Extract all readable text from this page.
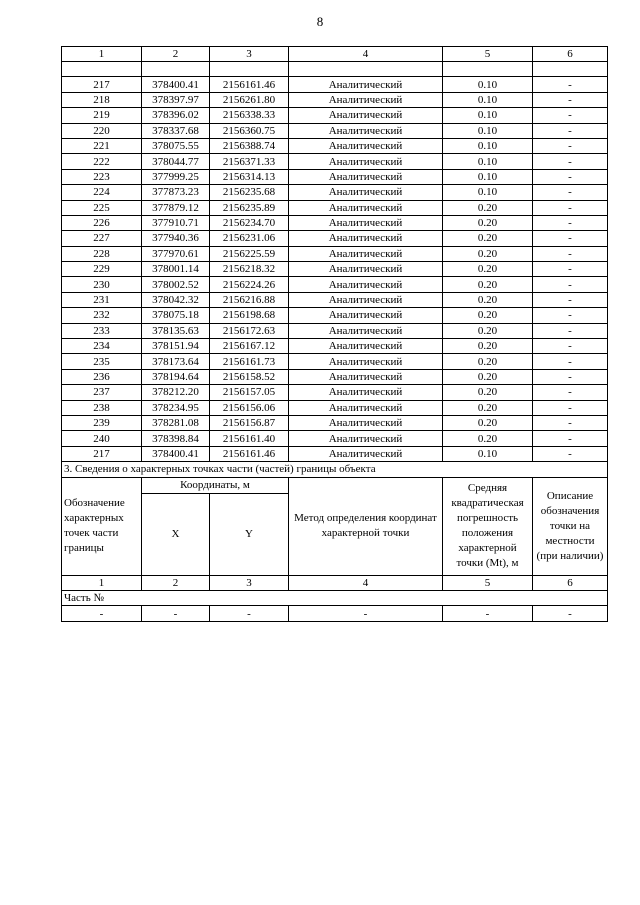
8
1	2	3	4	5	6

217	378400.41	2156161.46	Аналитический	0.10	-
218	378397.97	2156261.80	Аналитический	0.10	-
219	378396.02	2156338.33	Аналитический	0.10	-
220	378337.68	2156360.75	Аналитический	0.10	-
221	378075.55	2156388.74	Аналитический	0.10	-
222	378044.77	2156371.33	Аналитический	0.10	-
223	377999.25	2156314.13	Аналитический	0.10	-
224	377873.23	2156235.68	Аналитический	0.10	-
225	377879.12	2156235.89	Аналитический	0.20	-
226	377910.71	2156234.70	Аналитический	0.20	-
227	377940.36	2156231.06	Аналитический	0.20	-
228	377970.61	2156225.59	Аналитический	0.20	-
229	378001.14	2156218.32	Аналитический	0.20	-
230	378002.52	2156224.26	Аналитический	0.20	-
231	378042.32	2156216.88	Аналитический	0.20	-
232	378075.18	2156198.68	Аналитический	0.20	-
233	378135.63	2156172.63	Аналитический	0.20	-
234	378151.94	2156167.12	Аналитический	0.20	-
235	378173.64	2156161.73	Аналитический	0.20	-
236	378194.64	2156158.52	Аналитический	0.20	-
237	378212.20	2156157.05	Аналитический	0.20	-
238	378234.95	2156156.06	Аналитический	0.20	-
239	378281.08	2156156.87	Аналитический	0.20	-
240	378398.84	2156161.40	Аналитический	0.20	-
217	378400.41	2156161.46	Аналитический	0.10	-
3. Сведения о характерных точках части (частей) границы объекта					
Обозначение характерных точек части границы	Координаты, м		Метод определения координат характерной точки	Средняя квадратическая погрешность положения характерной точки (Mt), м	Описание обозначения точки на местности (при наличии)
	X	Y			
1	2	3	4	5	6
Часть №					
-	-	-	-	-	-
